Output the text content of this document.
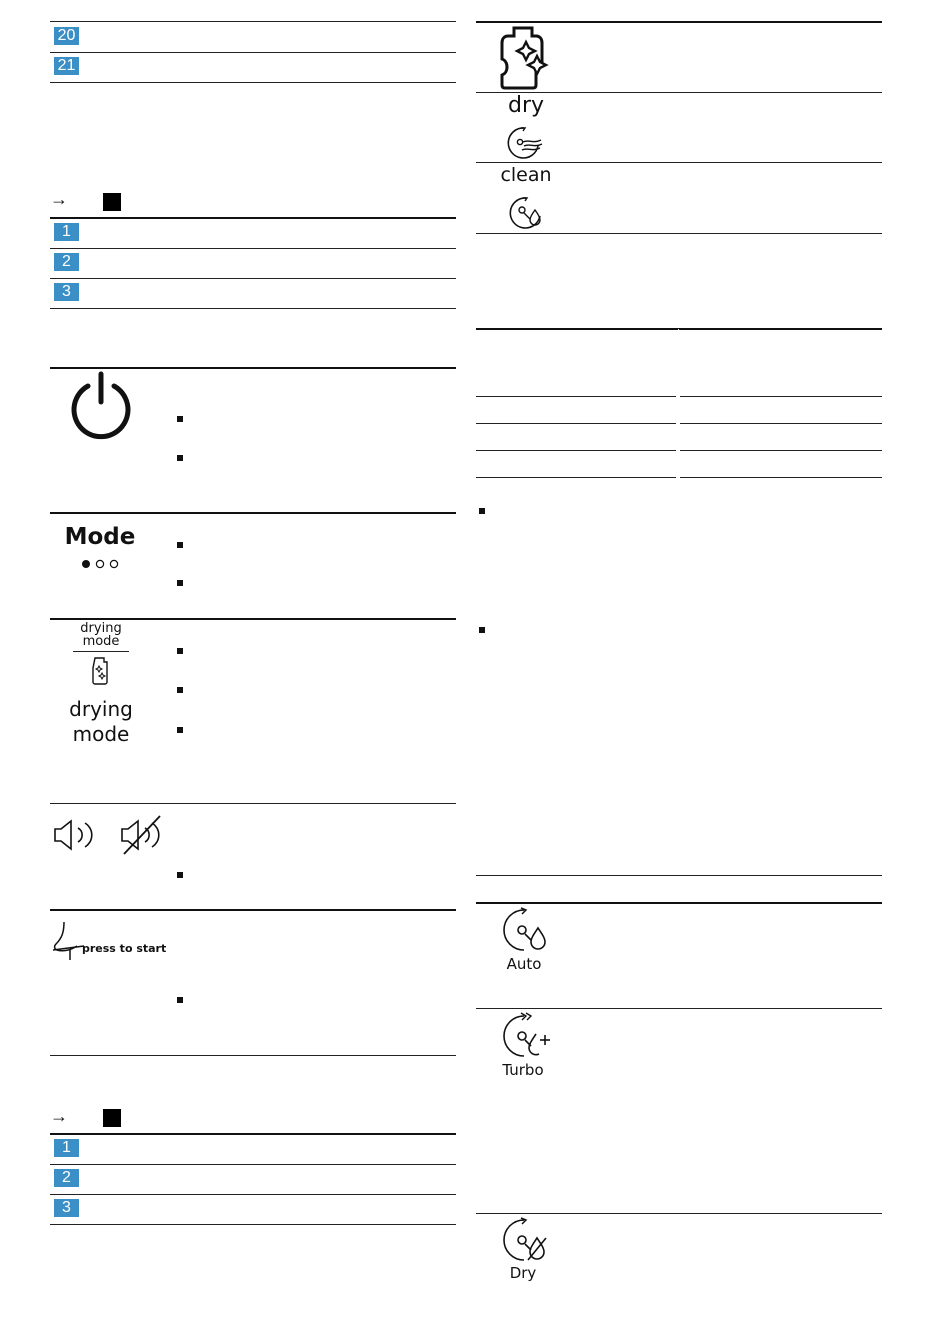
20
21
→
1
2
3
Mode
drying mode
drying mode
press to start
→
1
2
3
dry
clean
Auto
Turbo
Dry
